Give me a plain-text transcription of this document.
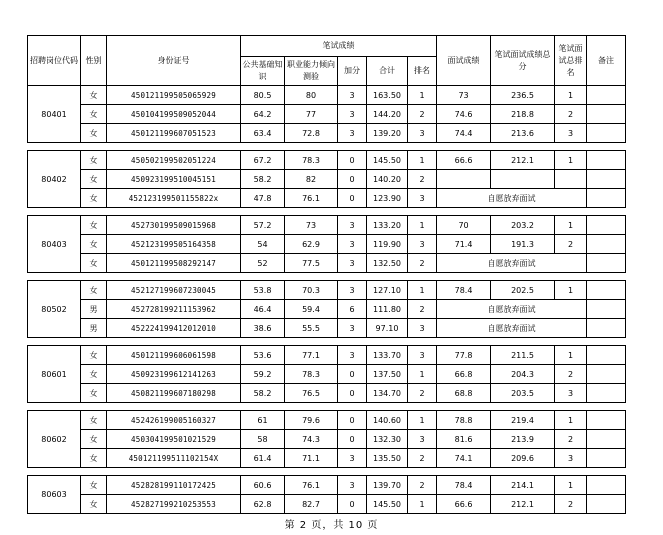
招聘岗位代码	性别	身份证号	笔试成绩					面试成绩	笔试面试成绩总分	笔试面试总排名	备注
			公共基础知识	职业能力倾向测验	加分	合计	排名				
80401	女	450121199505065929	80.5	80	3	163.50	1	73	236.5	1	
	女	450104199509052044	64.2	77	3	144.20	2	74.6	218.8	2	
	女	450121199607051523	63.4	72.8	3	139.20	3	74.4	213.6	3	

80402	女	450502199502051224	67.2	78.3	0	145.50	1	66.6	212.1	1	
	女	450923199510045151	58.2	82	0	140.20	2				
	女	452123199501155822x	47.8	76.1	0	123.90	3	自愿放弃面试			

80403	女	452730199509015968	57.2	73	3	133.20	1	70	203.2	1	
	女	452123199505164358	54	62.9	3	119.90	3	71.4	191.3	2	
	女	450121199508292147	52	77.5	3	132.50	2	自愿放弃面试			

80502	女	452127199607230045	53.8	70.3	3	127.10	1	78.4	202.5	1	
	男	452728199211153962	46.4	59.4	6	111.80	2	自愿放弃面试			
	男	452224199412012010	38.6	55.5	3	97.10	3	自愿放弃面试			

80601	女	450121199606061598	53.6	77.1	3	133.70	3	77.8	211.5	1	
	女	450923199612141263	59.2	78.3	0	137.50	1	66.8	204.3	2	
	女	450821199607180298	58.2	76.5	0	134.70	2	68.8	203.5	3	

80602	女	452426199005160327	61	79.6	0	140.60	1	78.8	219.4	1	
	女	450304199501021529	58	74.3	0	132.30	3	81.6	213.9	2	
	女	450121199511102154X	61.4	71.1	3	135.50	2	74.1	209.6	3	

80603	女	452828199110172425	60.6	76.1	3	139.70	2	78.4	214.1	1	
	女	452827199210253553	62.8	82.7	0	145.50	1	66.6	212.1	2	
第 2 页，共 10 页
